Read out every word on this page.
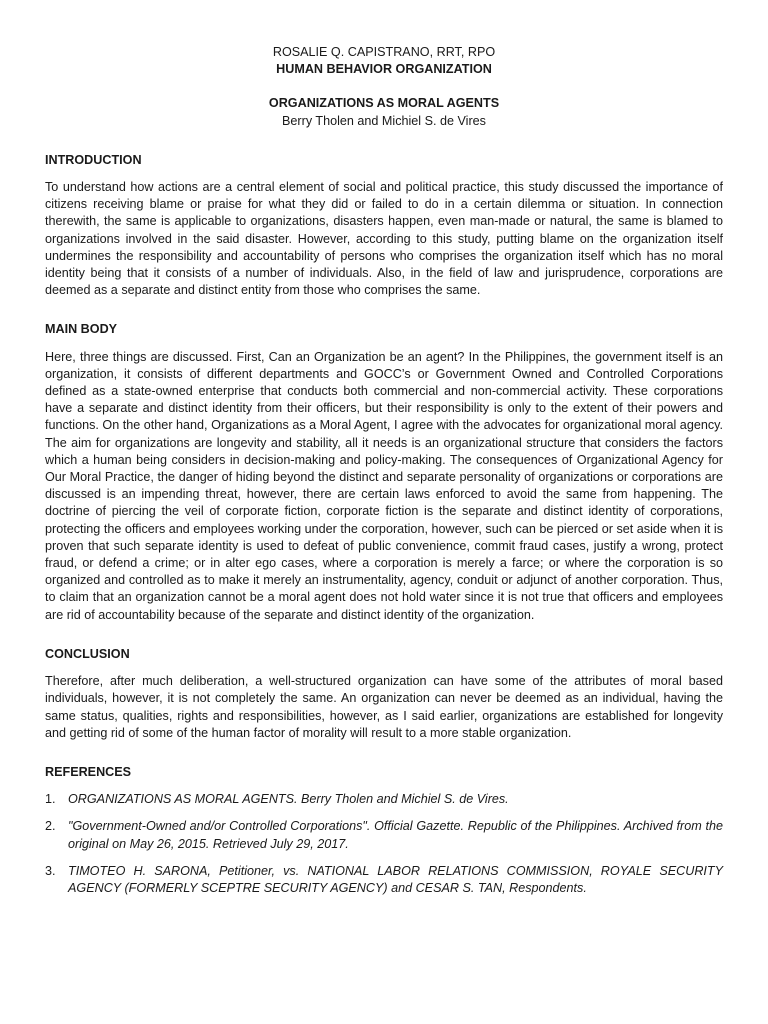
ROSALIE Q. CAPISTRANO, RRT, RPO

HUMAN BEHAVIOR ORGANIZATION

ORGANIZATIONS AS MORAL AGENTS

Berry Tholen and Michiel S. de Vires

INTRODUCTION

To understand how actions are a central element of social and political practice, this study discussed the importance of citizens receiving blame or praise for what they did or failed to do in a certain dilemma or situation. In connection therewith, the same is applicable to organizations, disasters happen, even man-made or natural, the same is blamed to organizations involved in the said disaster. However, according to this study, putting blame on the organization itself undermines the responsibility and accountability of persons who comprises the organization itself which has no moral identity being that it consists of a number of individuals. Also, in the field of law and jurisprudence, corporations are deemed as a separate and distinct entity from those who comprises the same.

MAIN BODY

Here, three things are discussed. First, Can an Organization be an agent? In the Philippines, the government itself is an organization, it consists of different departments and GOCC’s or Government Owned and Controlled Corporations defined as a state-owned enterprise that conducts both commercial and non-commercial activity. These corporations have a separate and distinct identity from their officers, but their responsibility is only to the extent of their powers and functions. On the other hand, Organizations as a Moral Agent, I agree with the advocates for organizational moral agency. The aim for organizations are longevity and stability, all it needs is an organizational structure that considers the factors which a human being considers in decision-making and policy-making. The consequences of Organizational Agency for Our Moral Practice, the danger of hiding beyond the distinct and separate personality of organizations or corporations are discussed is an impending threat, however, there are certain laws enforced to avoid the same from happening. The doctrine of piercing the veil of corporate fiction, corporate fiction is the separate and distinct identity of corporations, protecting the officers and employees working under the corporation, however, such can be pierced or set aside when it is proven that such separate identity is used to defeat of public convenience, commit fraud cases, justify a wrong, protect fraud, or defend a crime; or in alter ego cases, where a corporation is merely a farce; or where the corporation is so organized and controlled as to make it merely an instrumentality, agency, conduit or adjunct of another corporation. Thus, to claim that an organization cannot be a moral agent does not hold water since it is not true that officers and employees are rid of accountability because of the separate and distinct identity of the organization.

CONCLUSION

Therefore, after much deliberation, a well-structured organization can have some of the attributes of moral based individuals, however, it is not completely the same. An organization can never be deemed as an individual, having the same status, qualities, rights and responsibilities, however, as I said earlier, organizations are established for longevity and getting rid of some of the human factor of morality will result to a more stable organization.

REFERENCES
1. ORGANIZATIONS AS MORAL AGENTS. Berry Tholen and Michiel S. de Vires.
2. "Government-Owned and/or Controlled Corporations". Official Gazette. Republic of the Philippines. Archived from the original on May 26, 2015. Retrieved July 29, 2017.
3. TIMOTEO H. SARONA, Petitioner, vs. NATIONAL LABOR RELATIONS COMMISSION, ROYALE SECURITY AGENCY (FORMERLY SCEPTRE SECURITY AGENCY) and CESAR S. TAN, Respondents.
